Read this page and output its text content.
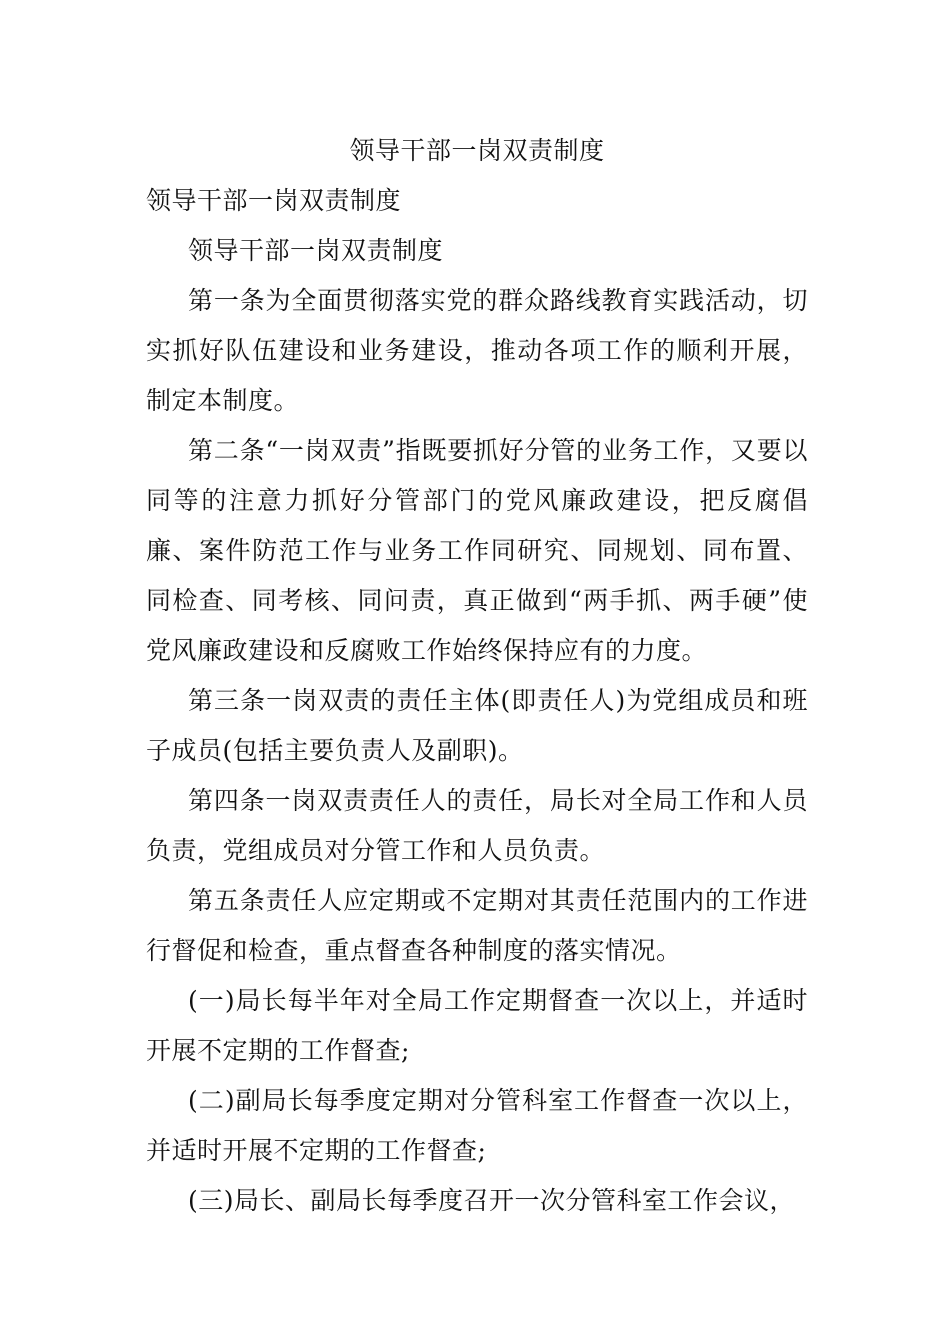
领导干部一岗双责制度

领导干部一岗双责制度

领导干部一岗双责制度

第一条为全面贯彻落实党的群众路线教育实践活动，切实抓好队伍建设和业务建设，推动各项工作的顺利开展，制定本制度。

第二条“一岗双责”指既要抓好分管的业务工作，又要以同等的注意力抓好分管部门的党风廉政建设，把反腐倡廉、案件防范工作与业务工作同研究、同规划、同布置、同检查、同考核、同问责，真正做到“两手抓、两手硬”使党风廉政建设和反腐败工作始终保持应有的力度。

第三条一岗双责的责任主体(即责任人)为党组成员和班子成员(包括主要负责人及副职)。

第四条一岗双责责任人的责任，局长对全局工作和人员负责，党组成员对分管工作和人员负责。

第五条责任人应定期或不定期对其责任范围内的工作进行督促和检查，重点督查各种制度的落实情况。

(一)局长每半年对全局工作定期督查一次以上，并适时开展不定期的工作督查;

(二)副局长每季度定期对分管科室工作督查一次以上，并适时开展不定期的工作督查;

(三)局长、副局长每季度召开一次分管科室工作会议，
